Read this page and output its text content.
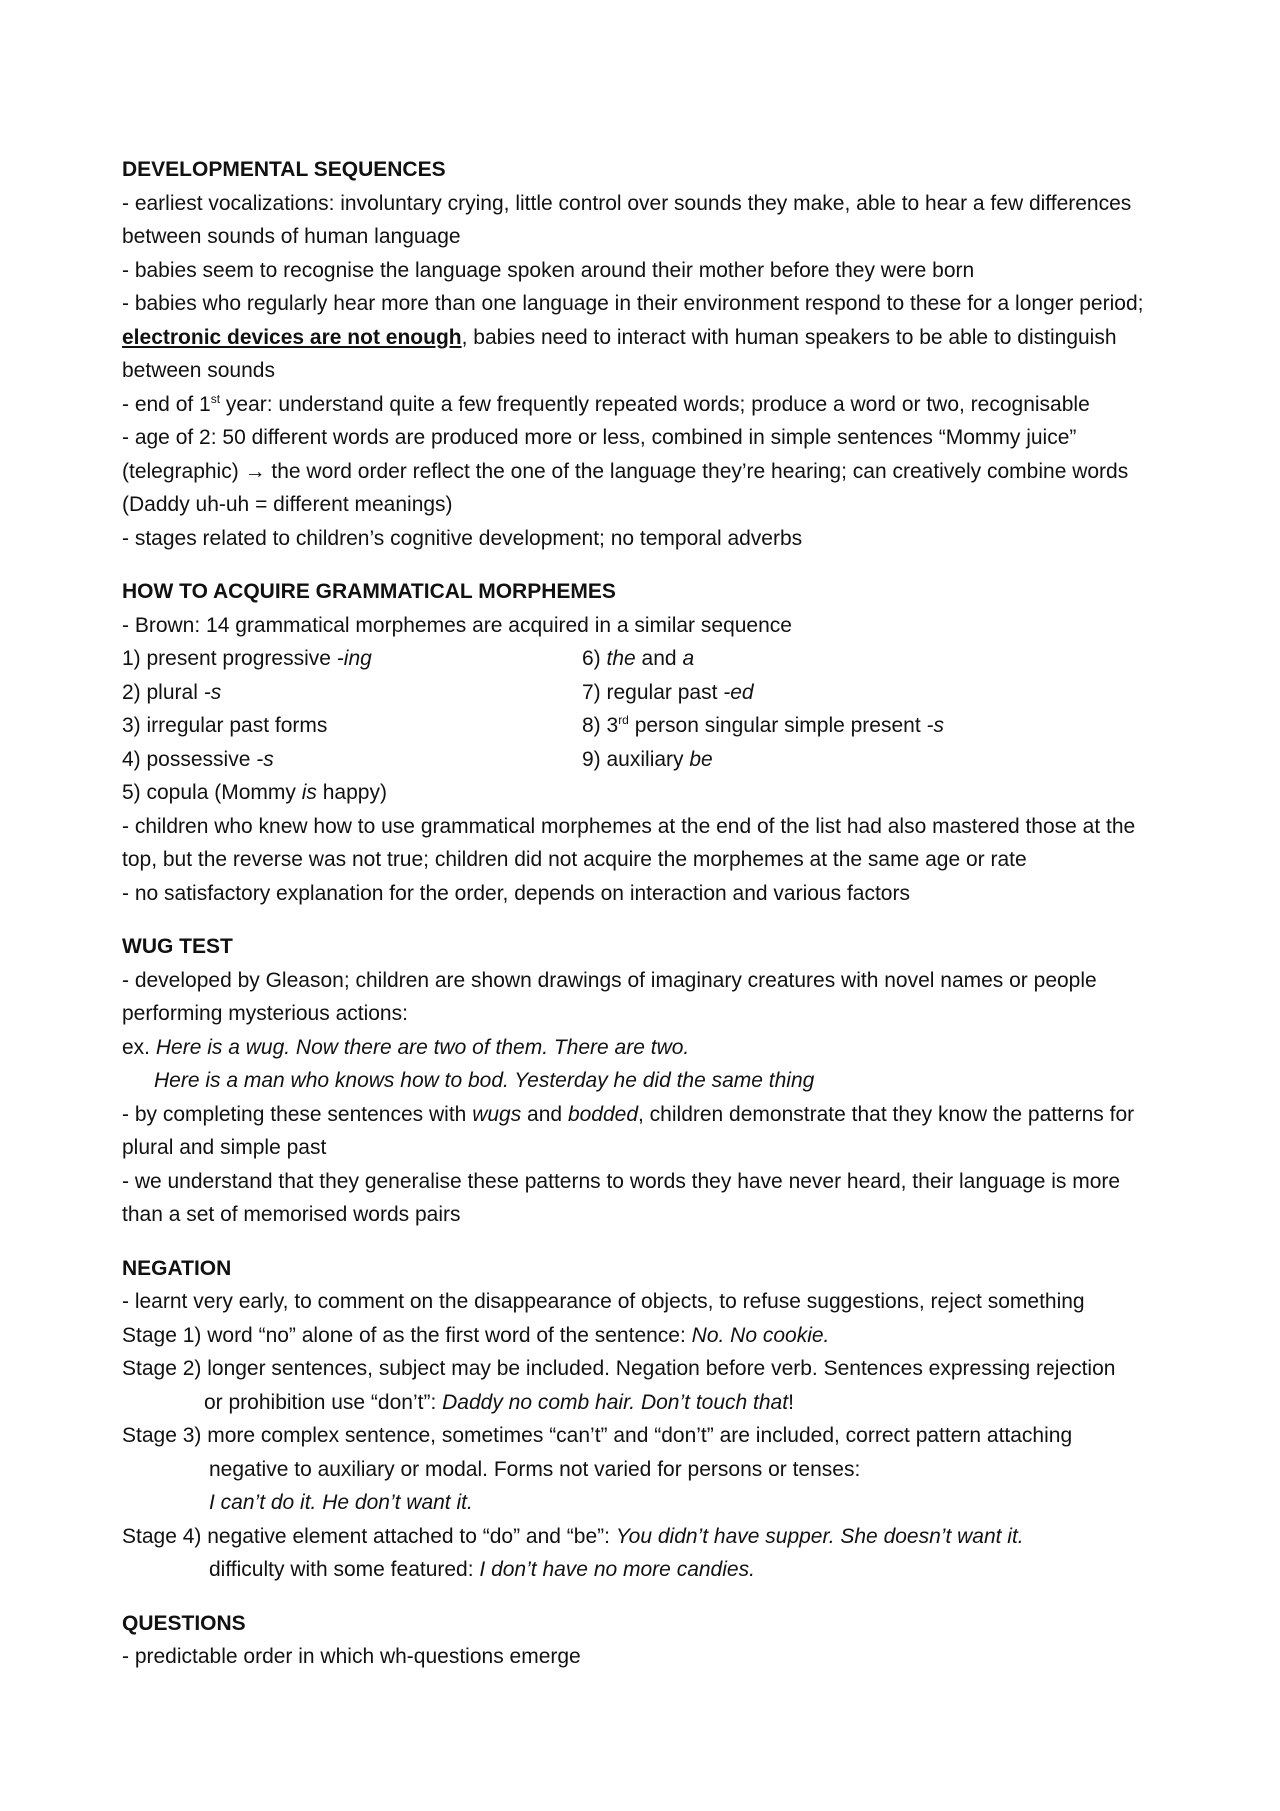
DEVELOPMENTAL SEQUENCES

- earliest vocalizations: involuntary crying, little control over sounds they make, able to hear a few differences between sounds of human language

- babies seem to recognise the language spoken around their mother before they were born

- babies who regularly hear more than one language in their environment respond to these for a longer period; electronic devices are not enough, babies need to interact with human speakers to be able to distinguish between sounds

- end of 1st year: understand quite a few frequently repeated words; produce a word or two, recognisable

- age of 2: 50 different words are produced more or less, combined in simple sentences “Mommy juice” (telegraphic) → the word order reflect the one of the language they’re hearing; can creatively combine words (Daddy uh-uh = different meanings)

- stages related to children’s cognitive development; no temporal adverbs

HOW TO ACQUIRE GRAMMATICAL MORPHEMES

- Brown: 14 grammatical morphemes are acquired in a similar sequence

1) present progressive -ing	6) the and a

2) plural -s	7) regular past -ed

3) irregular past forms	8) 3rd person singular simple present -s

4) possessive -s	9) auxiliary be

5) copula (Mommy is happy)

- children who knew how to use grammatical morphemes at the end of the list had also mastered those at the top, but the reverse was not true; children did not acquire the morphemes at the same age or rate

- no satisfactory explanation for the order, depends on interaction and various factors

WUG TEST

- developed by Gleason; children are shown drawings of imaginary creatures with novel names or people performing mysterious actions:

ex. Here is a wug. Now there are two of them. There are two.

Here is a man who knows how to bod. Yesterday he did the same thing

- by completing these sentences with wugs and bodded, children demonstrate that they know the patterns for plural and simple past

- we understand that they generalise these patterns to words they have never heard, their language is more than a set of memorised words pairs

NEGATION

- learnt very early, to comment on the disappearance of objects, to refuse suggestions, reject something

Stage 1) word “no” alone of as the first word of the sentence: No. No cookie.

Stage 2) longer sentences, subject may be included. Negation before verb. Sentences expressing rejection

or prohibition use “don’t”: Daddy no comb hair. Don’t touch that!

Stage 3) more complex sentence, sometimes “can’t” and “don’t” are included, correct pattern attaching

negative to auxiliary or modal. Forms not varied for persons or tenses:

I can’t do it. He don’t want it.

Stage 4) negative element attached to “do” and “be”: You didn’t have supper. She doesn’t want it.

difficulty with some featured: I don’t have no more candies.

QUESTIONS

- predictable order in which wh-questions emerge
